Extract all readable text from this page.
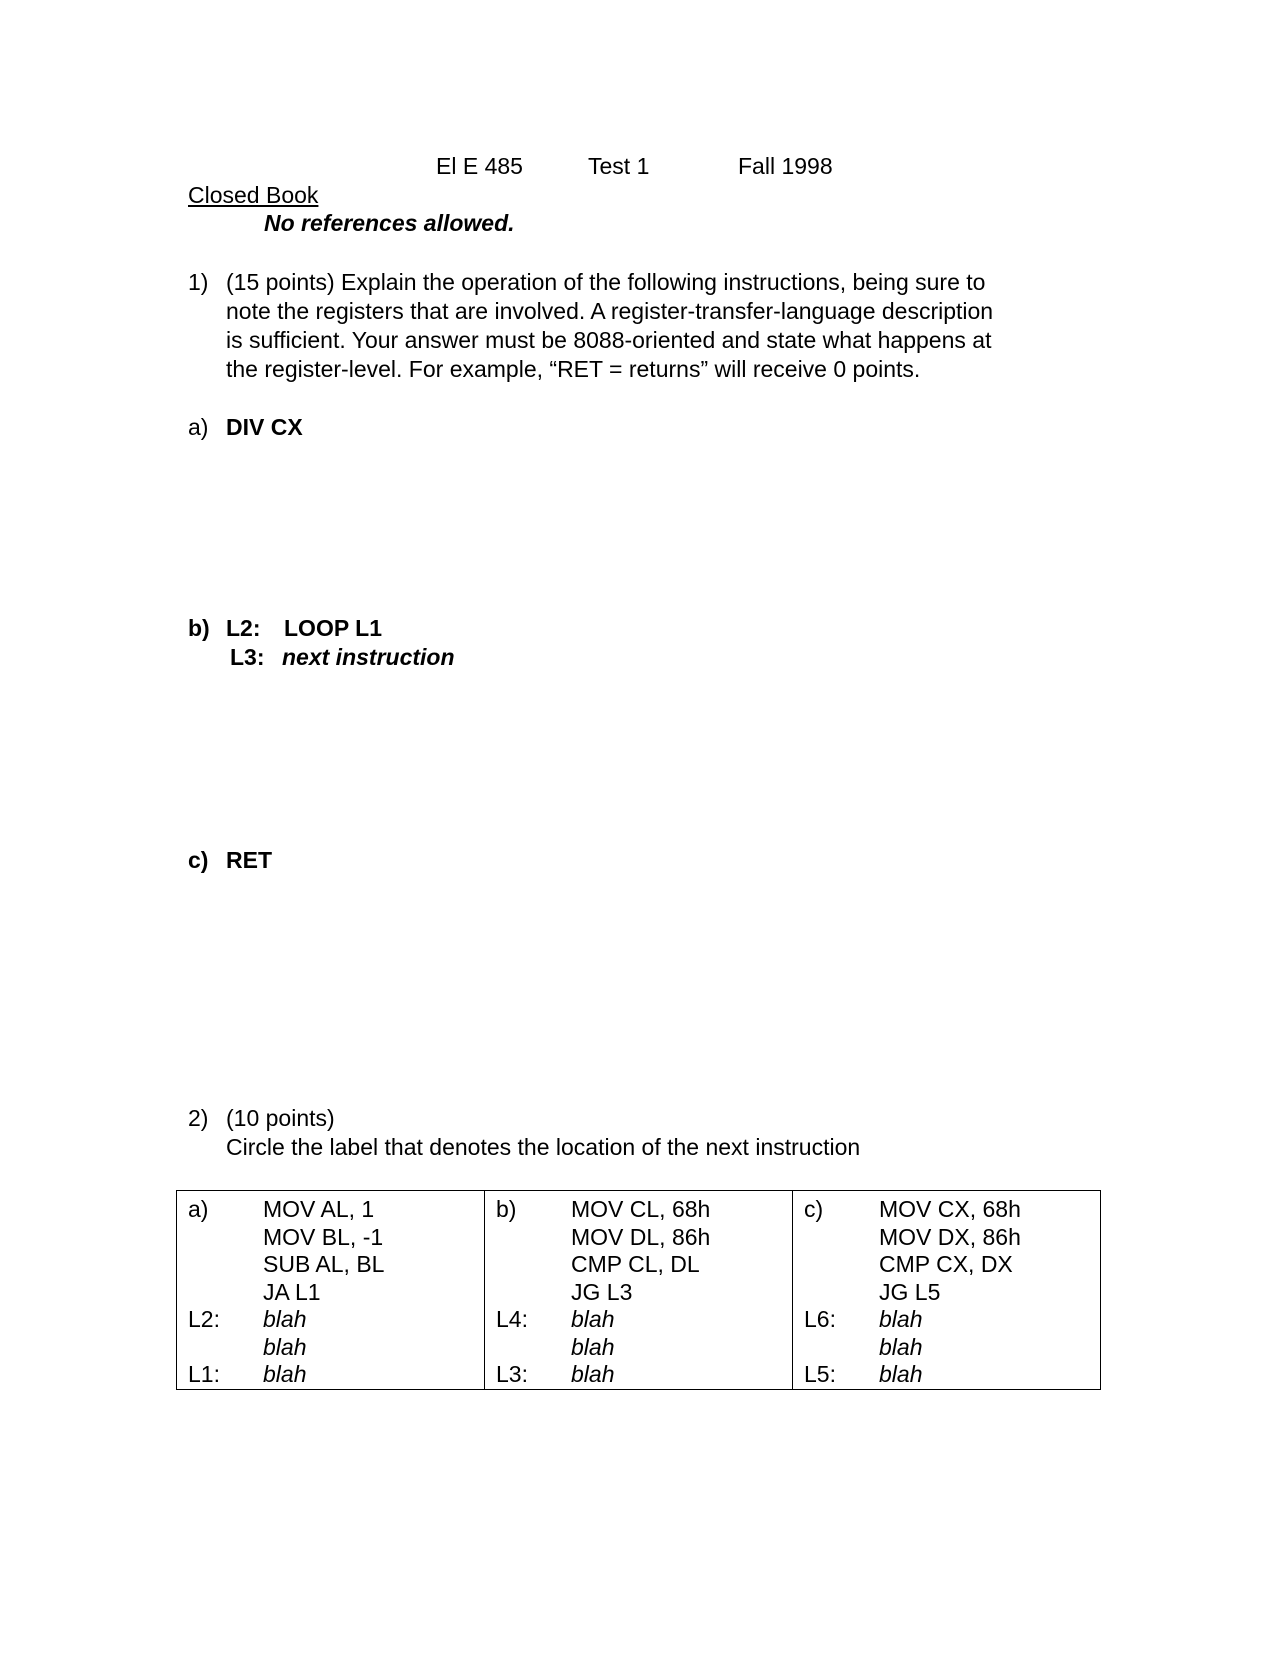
El E 485	Test 1	Fall 1998
Closed Book
No references allowed.
1) (15 points) Explain the operation of the following instructions, being sure to
note the registers that are involved. A register-transfer-language description
is sufficient. Your answer must be 8088-oriented and state what happens at
the register-level. For example, “RET = returns” will receive 0 points.
a) DIV CX
b) L2: LOOP L1
L3: next instruction
c) RET
2) (10 points)
Circle the label that denotes the location of the next instruction
a) MOV AL, 1
MOV BL, -1
SUB AL, BL
JA L1
L2: blah
blah
L1: blah
b) MOV CL, 68h
MOV DL, 86h
CMP CL, DL
JG L3
L4: blah
blah
L3: blah
c) MOV CX, 68h
MOV DX, 86h
CMP CX, DX
JG L5
L6: blah
blah
L5: blah
